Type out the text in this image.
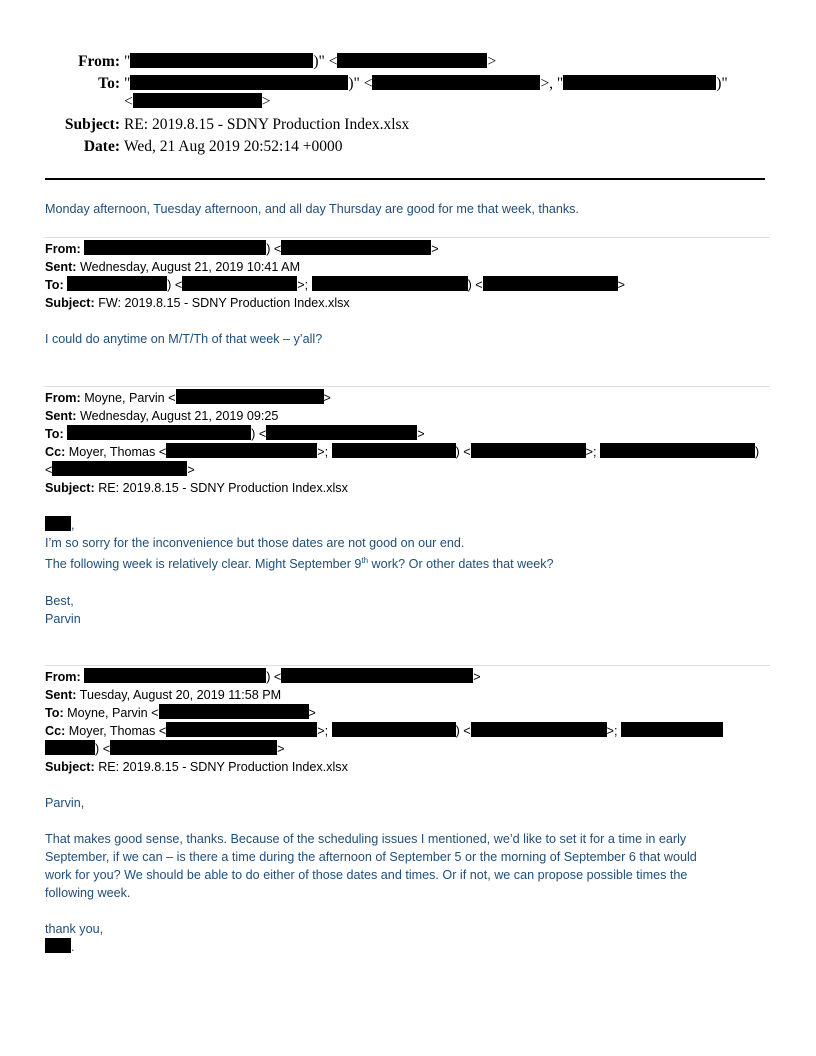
From: "	)" <	>
To: "	)" <	>, "	)"
<	>
Subject: RE: 2019.8.15 - SDNY Production Index.xlsx
Date: Wed, 21 Aug 2019 20:52:14 +0000
Monday afternoon, Tuesday afternoon, and all day Thursday are good for me that week, thanks.
From:	) <	>
Sent: Wednesday, August 21, 2019 10:41 AM
To:	) <	>;	) <	>
Subject: FW: 2019.8.15 - SDNY Production Index.xlsx
I could do anytime on M/T/Th of that week – y’all?
From: Moyne, Parvin <	>
Sent: Wednesday, August 21, 2019 09:25
To:	) <	>
Cc: Moyer, Thomas <	>;	) <	>;	)
<	>
Subject: RE: 2019.8.15 - SDNY Production Index.xlsx
,
I’m so sorry for the inconvenience but those dates are not good on our end.
The following week is relatively clear. Might September 9th work? Or other dates that week?
Best,
Parvin
From:	) <	>
Sent: Tuesday, August 20, 2019 11:58 PM
To: Moyne, Parvin <	>
Cc: Moyer, Thomas <	>;	) <	>;
) <	>
Subject: RE: 2019.8.15 - SDNY Production Index.xlsx
Parvin,
That makes good sense, thanks. Because of the scheduling issues I mentioned, we’d like to set it for a time in early
September, if we can – is there a time during the afternoon of September 5 or the morning of September 6 that would
work for you? We should be able to do either of those dates and times. Or if not, we can propose possible times the
following week.
thank you,
.
